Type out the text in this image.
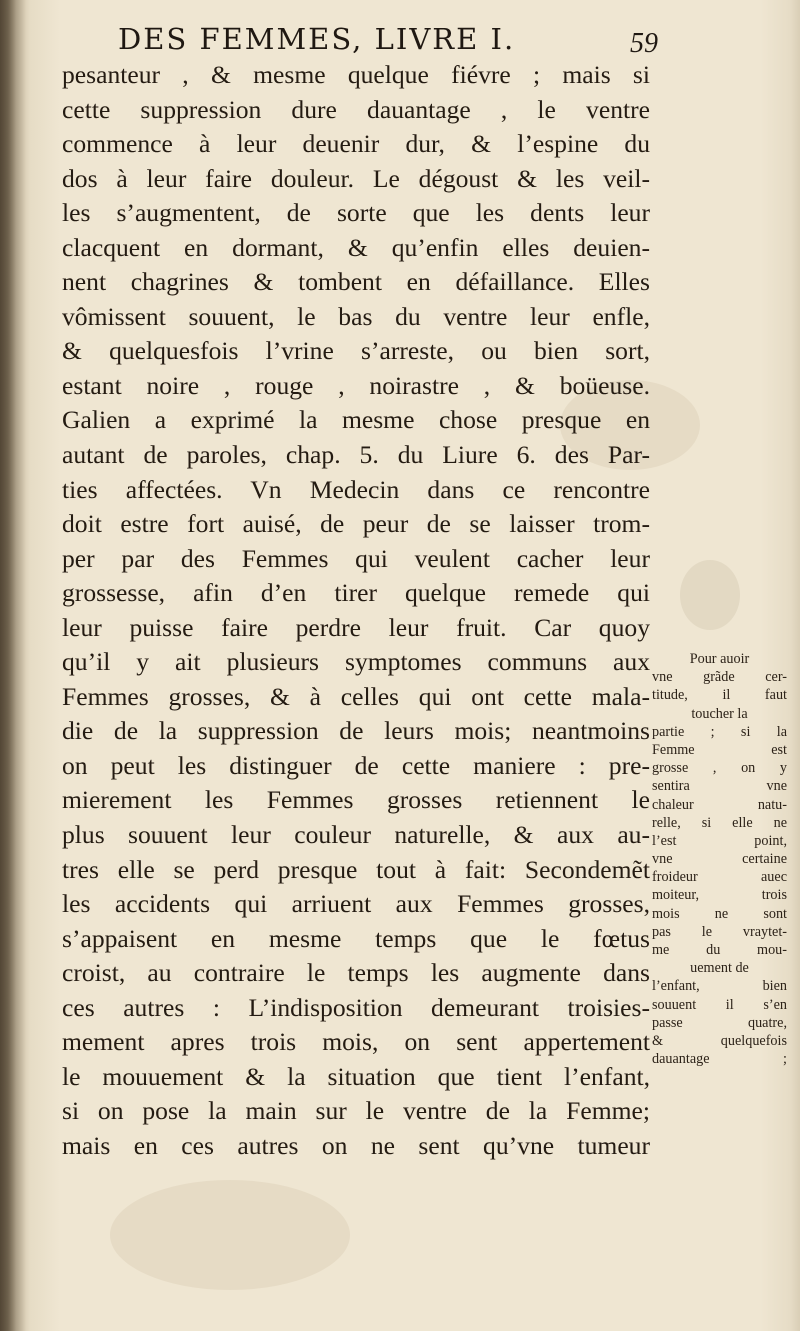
DES FEMMES, LIVRE I.	59
pesanteur , & mesme quelque fiévre ; mais si
cette suppression dure dauantage , le ventre
commence à leur deuenir dur, & l’espine du
dos à leur faire douleur. Le dégoust & les veil-
les s’augmentent, de sorte que les dents leur
clacquent en dormant, & qu’enfin elles deuien-
nent chagrines & tombent en défaillance. Elles
vômissent souuent, le bas du ventre leur enfle,
& quelquesfois l’vrine s’arreste, ou bien sort,
estant noire , rouge , noirastre , & boüeuse.
Galien a exprimé la mesme chose presque en
autant de paroles, chap. 5. du Liure 6. des Par-
ties affectées. Vn Medecin dans ce rencontre
doit estre fort auisé, de peur de se laisser trom-
per par des Femmes qui veulent cacher leur
grossesse, afin d’en tirer quelque remede qui
leur puisse faire perdre leur fruit. Car quoy
qu’il y ait plusieurs symptomes communs aux
Femmes grosses, & à celles qui ont cette mala-
die de la suppression de leurs mois; neantmoins
on peut les distinguer de cette maniere : pre-
mierement les Femmes grosses retiennent le
plus souuent leur couleur naturelle, & aux au-
tres elle se perd presque tout à fait: Secondemẽt
les accidents qui arriuent aux Femmes grosses,
s’appaisent en mesme temps que le fœtus
croist, au contraire le temps les augmente dans
ces autres : L’indisposition demeurant troisies-
mement apres trois mois, on sent appertement
le mouuement & la situation que tient l’enfant,
si on pose la main sur le ventre de la Femme;
mais en ces autres on ne sent qu’vne tumeur
Pour auoir
vne grãde cer-
titude, il faut
toucher la
partie ; si la
Femme est
grosse , on y
sentira vne
chaleur natu-
relle, si elle ne
l’est point,
vne certaine
froideur auec
moiteur, trois
mois ne sont
pas le vraytet-
me du mou-
uement de
l’enfant, bien
souuent il s’en
passe quatre,
& quelquefois
dauantage ;
